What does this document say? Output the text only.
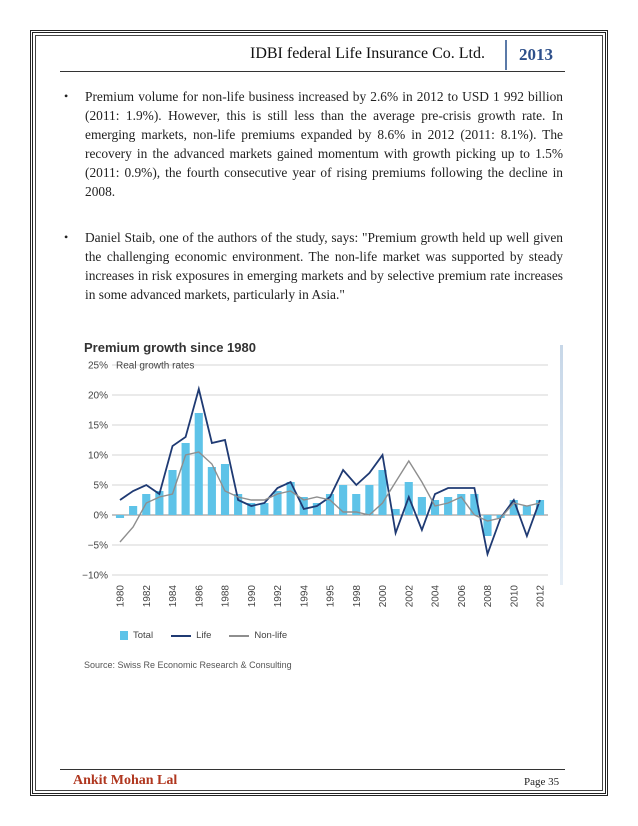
IDBI federal Life Insurance Co. Ltd.	2013
• Premium volume for non-life business increased by 2.6% in 2012 to USD 1 992 billion (2011: 1.9%). However, this is still less than the average pre-crisis growth rate. In emerging markets, non-life premiums expanded by 8.6% in 2012 (2011: 8.1%). The recovery in the advanced markets gained momentum with growth picking up to 1.5% (2011: 0.9%), the fourth consecutive year of rising premiums following the decline in 2008.
• Daniel Staib, one of the authors of the study, says: "Premium growth held up well given the challenging economic environment. The non-life market was supported by steady increases in risk exposures in emerging markets and by selective premium rate increases in some advanced markets, particularly in Asia."
Premium growth since 1980
25%
20%
15%
10%
5%
0%
−5%
−10%
Real growth rates
1980 1982 1984 1986 1988 1990 1992 1994 1995 1998 2000 2002 2004 2006 2008 2010 2012
Total	Life	Non-life
Source: Swiss Re Economic Research & Consulting
Ankit Mohan Lal	Page 35
